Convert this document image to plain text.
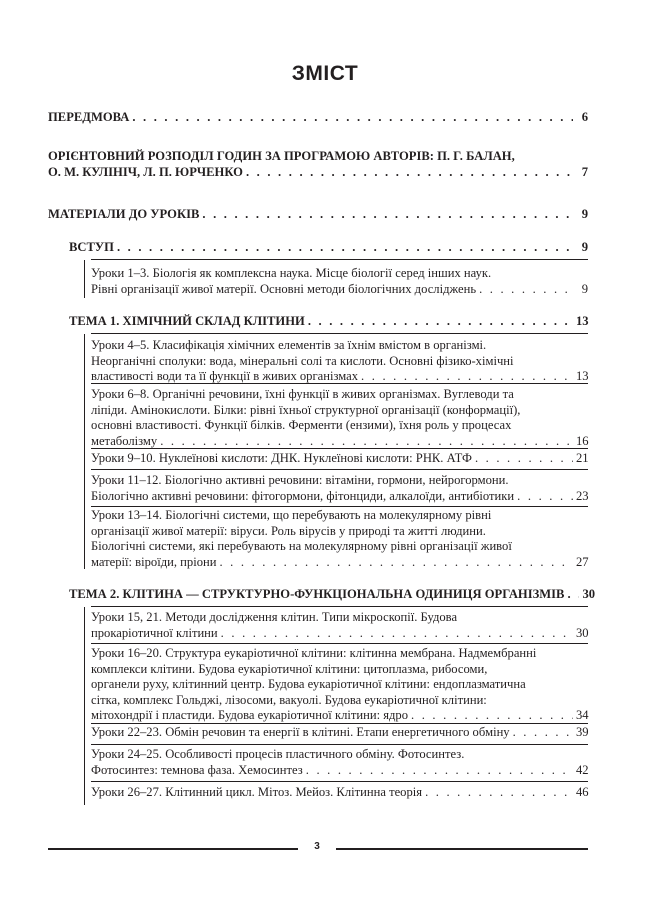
ЗМІСТ
ПЕРЕДМОВА . . .	6
ОРІЄНТОВНИЙ РОЗПОДІЛ ГОДИН ЗА ПРОГРАМОЮ АВТОРІВ: П. Г. БАЛАН,
О. М. КУЛІНІЧ, Л. П. ЮРЧЕНКО . . .	7
МАТЕРІАЛИ ДО УРОКІВ . . .	9
ВСТУП . . .	9
Уроки 1–3. Біологія як комплексна наука. Місце біології серед інших наук.
Рівні організації живої матерії. Основні методи біологічних досліджень . . .	9
ТЕМА 1. ХІМІЧНИЙ СКЛАД КЛІТИНИ . . .	13
Уроки 4–5. Класифікація хімічних елементів за їхнім вмістом в організмі.
Неорганічні сполуки: вода, мінеральні солі та кислоти. Основні фізико-хімічні
властивості води та її функції в живих організмах . . .	13
Уроки 6–8. Органічні речовини, їхні функції в живих організмах. Вуглеводи та
ліпіди. Амінокислоти. Білки: рівні їхньої структурної організації (конформації),
основні властивості. Функції білків. Ферменти (ензими), їхня роль у процесах
метаболізму . . .	16
Уроки 9–10. Нуклеїнові кислоти: ДНК. Нуклеїнові кислоти: РНК. АТФ . . .	21
Уроки 11–12. Біологічно активні речовини: вітаміни, гормони, нейрогормони.
Біологічно активні речовини: фітогормони, фітонциди, алкалоїди, антибіотики . . .	23
Уроки 13–14. Біологічні системи, що перебувають на молекулярному рівні
організації живої матерії: віруси. Роль вірусів у природі та житті людини.
Біологічні системи, які перебувають на молекулярному рівні організації живої
матерії: віроїди, пріони . . .	27
ТЕМА 2. КЛІТИНА — СТРУКТУРНО-ФУНКЦІОНАЛЬНА ОДИНИЦЯ ОРГАНІЗМІВ . . . 30
Уроки 15, 21. Методи дослідження клітин. Типи мікроскопії. Будова
прокаріотичної клітини . . .	30
Уроки 16–20. Структура еукаріотичної клітини: клітинна мембрана. Надмембранні
комплекси клітини. Будова еукаріотичної клітини: цитоплазма, рибосоми,
органели руху, клітинний центр. Будова еукаріотичної клітини: ендоплазматична
сітка, комплекс Гольджі, лізосоми, вакуолі. Будова еукаріотичної клітини:
мітохондрії і пластиди. Будова еукаріотичної клітини: ядро . . .	34
Уроки 22–23. Обмін речовин та енергії в клітині. Етапи енергетичного обміну . . .	39
Уроки 24–25. Особливості процесів пластичного обміну. Фотосинтез.
Фотосинтез: темнова фаза. Хемосинтез . . .	42
Уроки 26–27. Клітинний цикл. Мітоз. Мейоз. Клітинна теорія . . .	46
3
